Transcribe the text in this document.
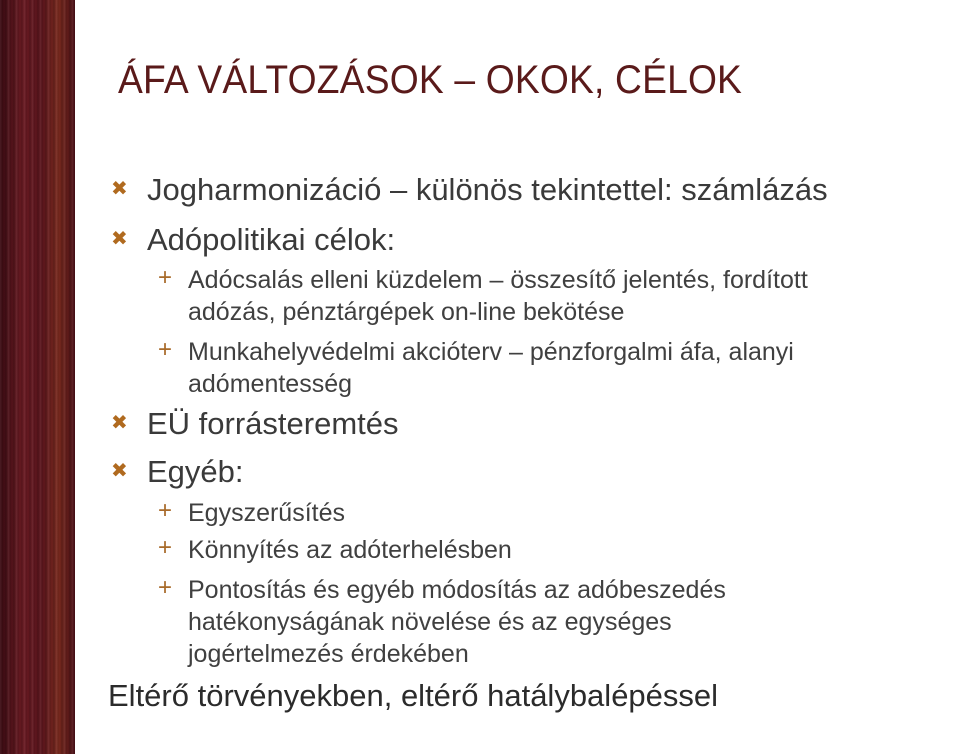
ÁFA VÁLTOZÁSOK – OKOK, CÉLOK
✖ Jogharmonizáció – különös tekintettel: számlázás
✖ Adópolitikai célok:
+ Adócsalás elleni küzdelem – összesítő jelentés, fordított
adózás, pénztárgépek on-line bekötése
+ Munkahelyvédelmi akcióterv – pénzforgalmi áfa, alanyi
adómentesség
✖ EÜ forrásteremtés
✖ Egyéb:
+ Egyszerűsítés
+ Könnyítés az adóterhelésben
+ Pontosítás és egyéb módosítás az adóbeszedés
hatékonyságának növelése és az egységes
jogértelmezés érdekében
Eltérő törvényekben, eltérő hatálybalépéssel
